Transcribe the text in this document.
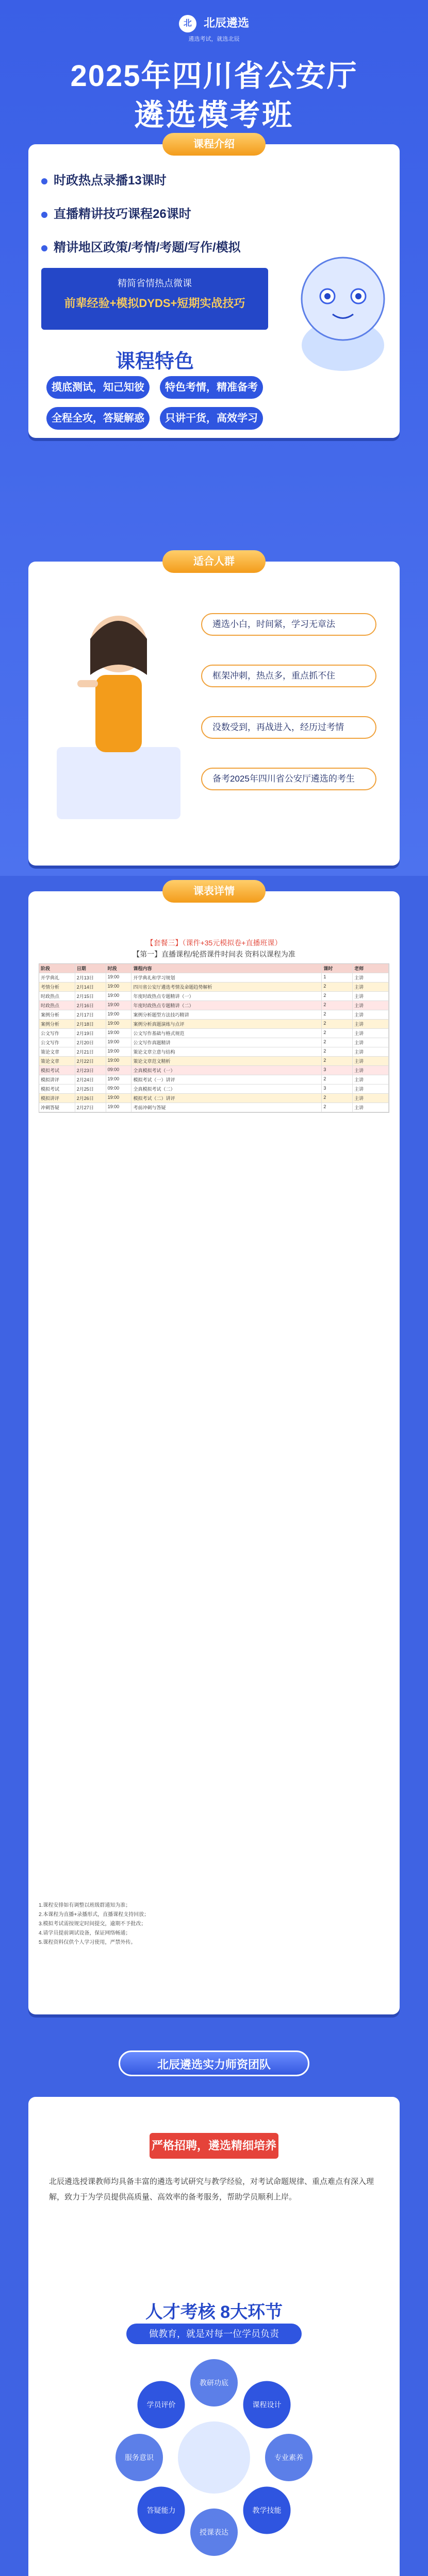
北 北辰遴选
遴选考试，就选北辰
2025年四川省公安厅
遴选模考班
课程介绍
时政热点录播13课时
直播精讲技巧课程26课时
精讲地区政策/考情/考题/写作/模拟
精简省情热点微课
前辈经验+模拟DYDS+短期实战技巧
课程特色
摸底测试，知己知彼	特色考情，精准备考
全程全攻，答疑解惑	只讲干货，高效学习
适合人群
遴选小白，时间紧，学习无章法
框架冲刺，热点多，重点抓不住
没数受到，再战进入，经历过考情
备考2025年四川省公安厅遴选的考生
【套餐三】（课件+35元模拟卷+直播班课）
【第一】直播课程/轮搭课件时间表 资料以课程为准
阶段	日期	时段	课程内容	课时	老师
开学典礼	2月13日	19:00	开学典礼和学习规划	1	主讲
考情分析	2月14日	19:00	四川省公安厅遴选考情及命题趋势解析	2	主讲
时政热点	2月15日	19:00	年度时政热点专题精讲（一）	2	主讲
时政热点	2月16日	19:00	年度时政热点专题精讲（二）	2	主讲
案例分析	2月17日	19:00	案例分析题型方法技巧精讲	2	主讲
案例分析	2月18日	19:00	案例分析真题演练与点评	2	主讲
公文写作	2月19日	19:00	公文写作基础与格式规范	2	主讲
公文写作	2月20日	19:00	公文写作真题精讲	2	主讲
策论文章	2月21日	19:00	策论文章立意与结构	2	主讲
策论文章	2月22日	19:00	策论文章范文精析	2	主讲
模拟考试	2月23日	09:00	全真模拟考试（一）	3	主讲
模拟讲评	2月24日	19:00	模拟考试（一）讲评	2	主讲
模拟考试	2月25日	09:00	全真模拟考试（二）	3	主讲
模拟讲评	2月26日	19:00	模拟考试（二）讲评	2	主讲
冲刺答疑	2月27日	19:00	考前冲刺与答疑	2	主讲
1.课程安排如有调整以班级群通知为准；
2.本课程为直播+录播形式，直播课程支持回放；
3.模拟考试需按规定时间提交，逾期不予批改；
4.请学员提前调试设备，保证网络畅通；
5.课程资料仅供个人学习使用，严禁外传。
课表详情
北辰遴选实力师资团队
严格招聘，遴选精细培养
北辰遴选授课教师均具备丰富的遴选考试研究与教学经验，对考试命题规律、重点难点有深入理解，致力于为学员提供高质量、高效率的备考服务，帮助学员顺利上岸。
人才考核 8大环节
做教育，就是对每一位学员负责
教研功底
课程设计
专业素养
教学技能
授课表达
答疑能力
服务意识
学员评价
